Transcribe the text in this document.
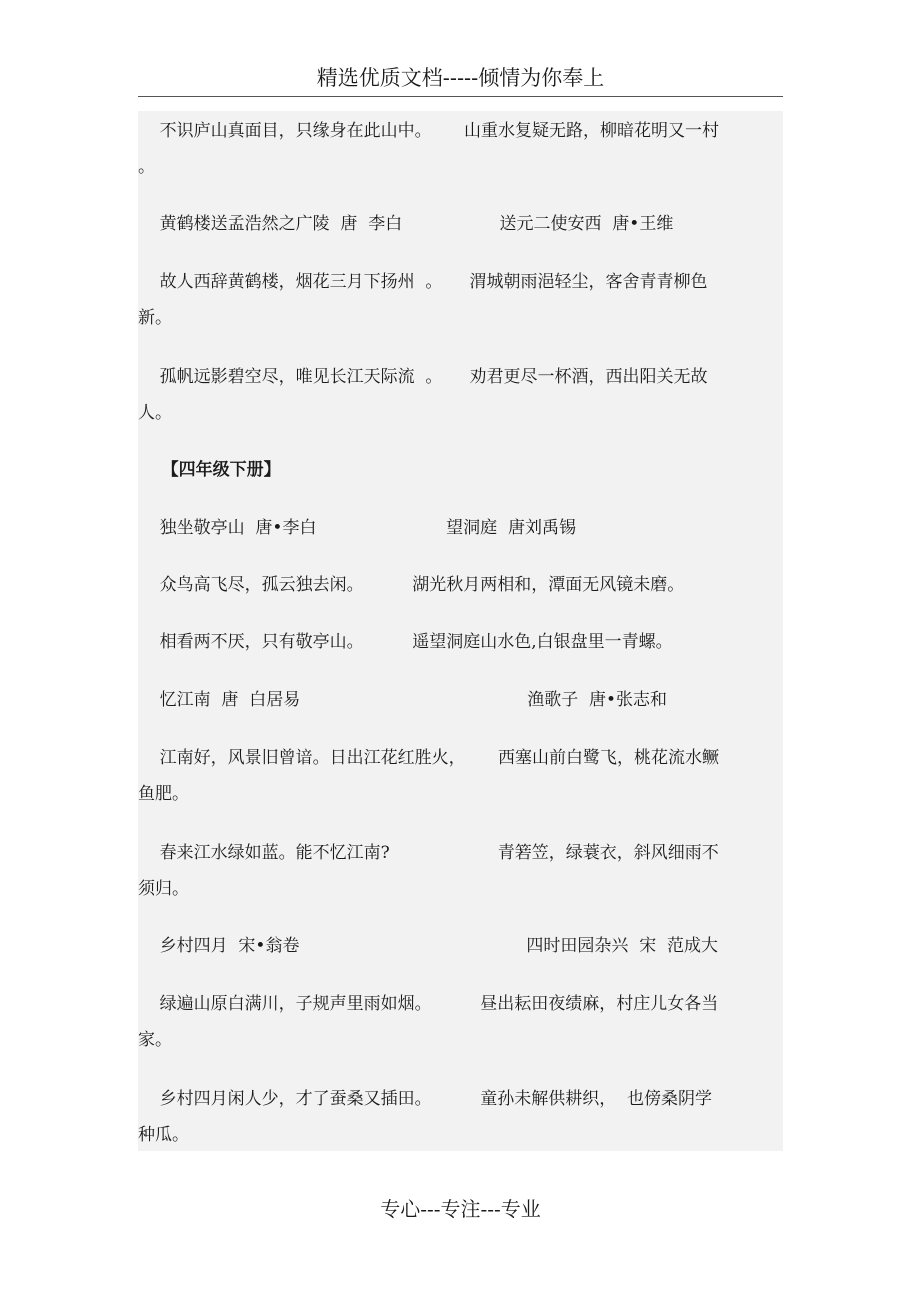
精选优质文档-----倾情为你奉上
不识庐山真面目，只缘身在此山中。      山重水复疑无路，柳暗花明又一村
。
黄鹤楼送孟浩然之广陵  唐  李白                  送元二使安西  唐•王维
故人西辞黄鹤楼，烟花三月下扬州  。     渭城朝雨浥轻尘，客舍青青柳色
新。
孤帆远影碧空尽，唯见长江天际流  。     劝君更尽一杯酒，西出阳关无故
人。
【四年级下册】
独坐敬亭山  唐•李白                        望洞庭  唐刘禹锡
众鸟高飞尽，孤云独去闲。         湖光秋月两相和，潭面无风镜未磨。
相看两不厌，只有敬亭山。         遥望洞庭山水色,白银盘里一青螺。
忆江南  唐  白居易                                          渔歌子  唐•张志和
江南好，风景旧曾谙。日出江花红胜火，      西塞山前白鹭飞，桃花流水鳜
鱼肥。
春来江水绿如蓝。能不忆江南?                    青箬笠，绿蓑衣，斜风细雨不
须归。
乡村四月  宋•翁卷                                          四时田园杂兴  宋  范成大
绿遍山原白满川，子规声里雨如烟。         昼出耘田夜绩麻，村庄儿女各当
家。
乡村四月闲人少，才了蚕桑又插田。         童孙未解供耕织，  也傍桑阴学
种瓜。
专心---专注---专业
